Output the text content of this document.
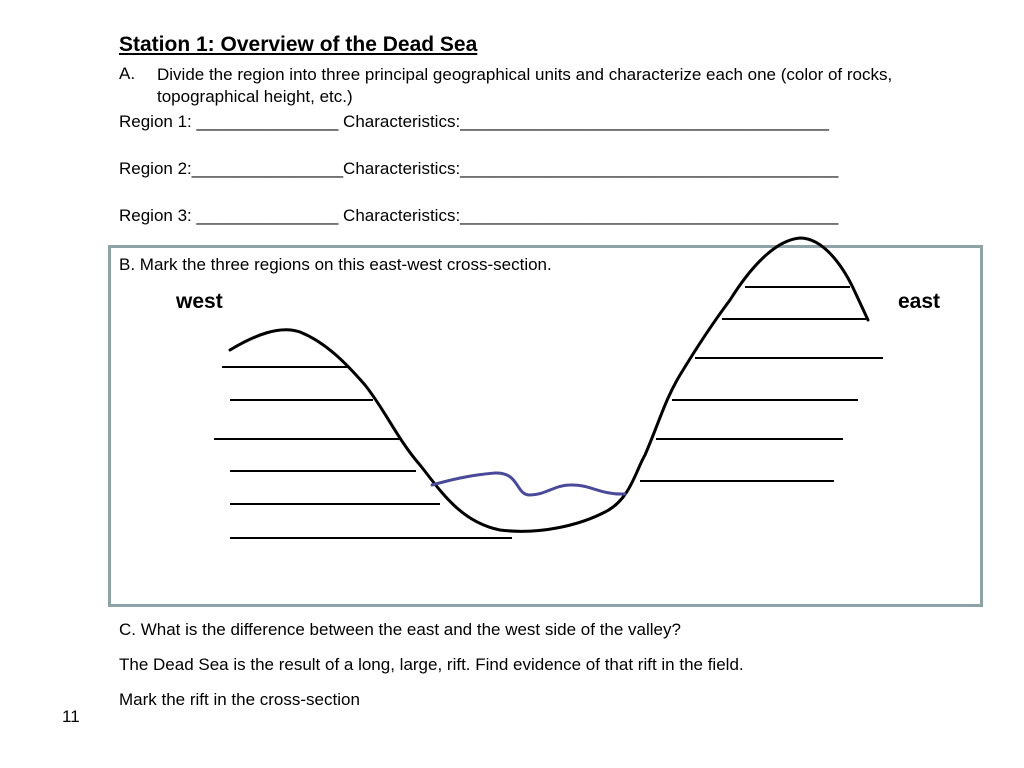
Station 1: Overview of the Dead Sea
A. Divide the region into three principal geographical units and characterize each one (color of rocks, topographical height, etc.)
Region 1: _______________ Characteristics:_______________________________________
Region 2:________________Characteristics:________________________________________
Region 3: _______________ Characteristics:________________________________________
B. Mark the three regions on this east-west cross-section.
west	east
C. What is the difference between the east and the west side of the valley?
The Dead Sea is the result of a long, large, rift. Find evidence of that rift in the field.
Mark the rift in the cross-section
11
